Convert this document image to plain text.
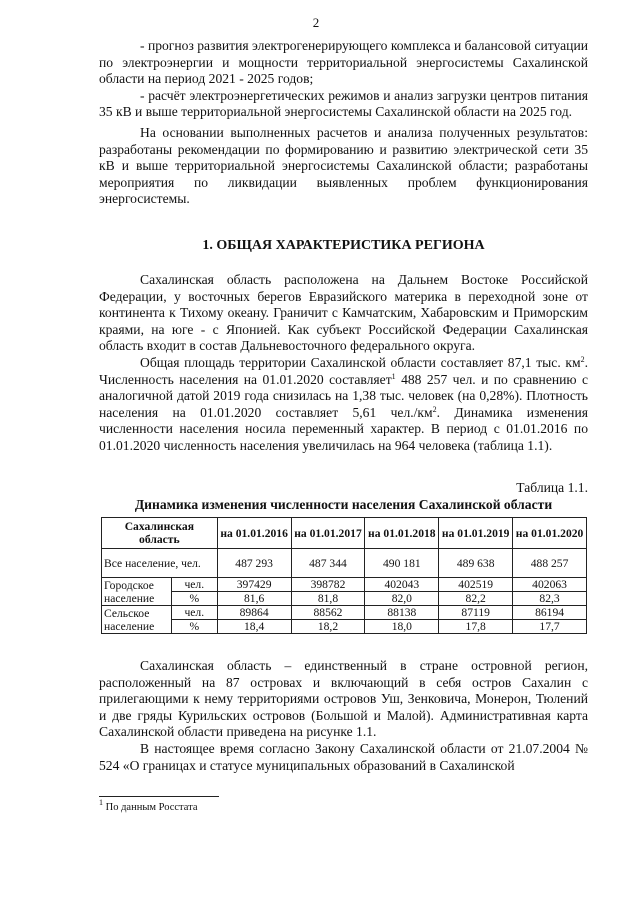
2

- прогноз развития электрогенерирующего комплекса и балансовой ситуации по электроэнергии и мощности территориальной энергосистемы Сахалинской области на период 2021 - 2025 годов;

- расчёт электроэнергетических режимов и анализ загрузки центров питания 35 кВ и выше территориальной энергосистемы Сахалинской области на 2025 год.

На основании выполненных расчетов и анализа полученных результатов: разработаны рекомендации по формированию и развитию электрической сети 35 кВ и выше территориальной энергосистемы Сахалинской области; разработаны мероприятия по ликвидации выявленных проблем функционирования энергосистемы.

1. ОБЩАЯ ХАРАКТЕРИСТИКА РЕГИОНА

Сахалинская область расположена на Дальнем Востоке Российской Федерации, у восточных берегов Евразийского материка в переходной зоне от континента к Тихому океану. Граничит с Камчатским, Хабаровским и Приморским краями, на юге - с Японией. Как субъект Российской Федерации Сахалинская область входит в состав Дальневосточного федерального округа.

Общая площадь территории Сахалинской области составляет 87,1 тыс. $км^2$. Численность населения на 01.01.2020 составляет$^1$ 488 257 чел. и по сравнению с аналогичной датой 2019 года снизилась на 1,38 тыс. человек (на 0,28%). Плотность населения на 01.01.2020 составляет 5,61 $чел./км^2$. Динамика изменения численности населения носила переменный характер. В период с 01.01.2016 по 01.01.2020 численность населения увеличилась на 964 человека (таблица 1.1).

Таблица 1.1.

Динамика изменения численности населения Сахалинской области

Сахалинская область		на 01.01.2016	на 01.01.2017	на 01.01.2018	на 01.01.2019	на 01.01.2020
Все население, чел.		487 293	487 344	490 181	489 638	488 257
Городское население	чел.	397429	398782	402043	402519	402063
	%	81,6	81,8	82,0	82,2	82,3
Сельское население	чел.	89864	88562	88138	87119	86194
	%	18,4	18,2	18,0	17,8	17,7

Сахалинская область – единственный в стране островной регион, расположенный на 87 островах и включающий в себя остров Сахалин с прилегающими к нему территориями островов Уш, Зенковича, Монерон, Тюлений и две гряды Курильских островов (Большой и Малой). Административная карта Сахалинской области приведена на рисунке 1.1.

В настоящее время согласно Закону Сахалинской области от 21.07.2004 № 524 «О границах и статусе муниципальных образований в Сахалинской

$^1$ По данным Росстата
